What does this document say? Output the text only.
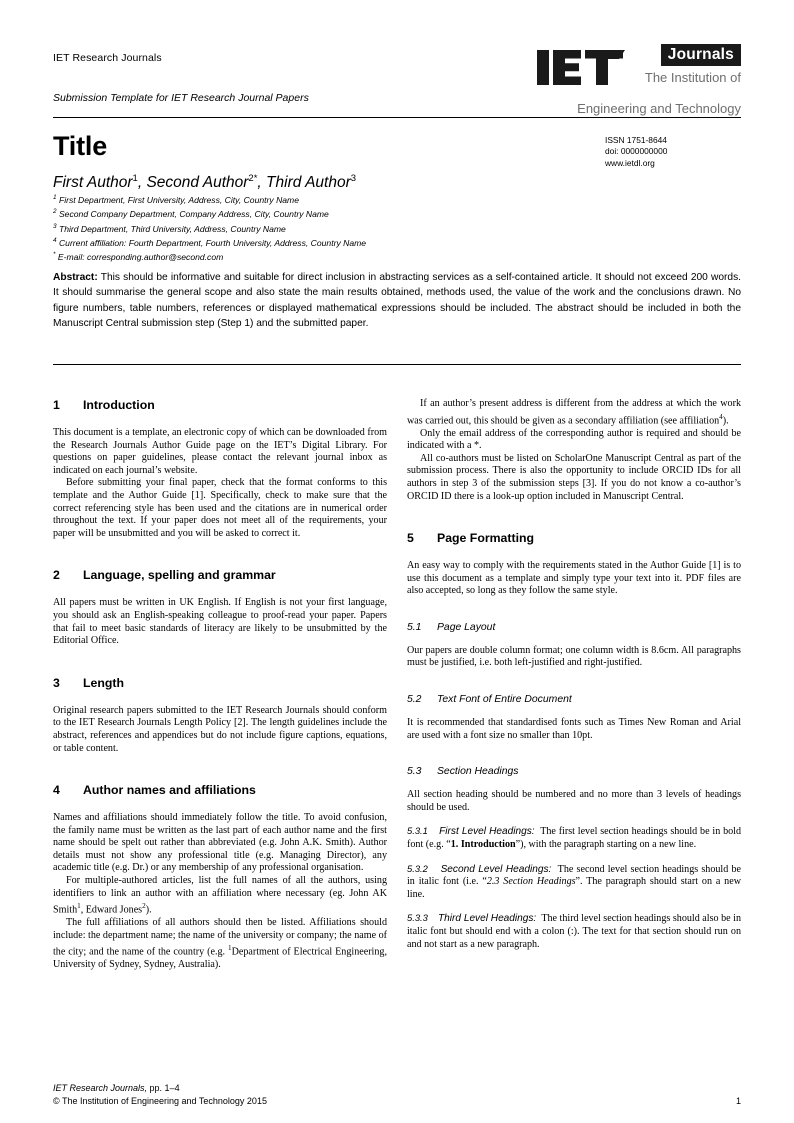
IET Research Journals
Submission Template for IET Research Journal Papers
Journals
The Institution of
Engineering and Technology
Title
First Author$^1$, Second Author$^{2*}$, Third Author$^3$
$^1$ First Department, First University, Address, City, Country Name
$^2$ Second Company Department, Company Address, City, Country Name
$^3$ Third Department, Third University, Address, Country Name
$^4$ Current affiliation: Fourth Department, Fourth University, Address, Country Name
* E-mail: corresponding.author@second.com
ISSN 1751-8644
doi: 0000000000
www.ietdl.org
Abstract: This should be informative and suitable for direct inclusion in abstracting services as a self-contained article. It should not exceed 200 words. It should summarise the general scope and also state the main results obtained, methods used, the value of the work and the conclusions drawn. No figure numbers, table numbers, references or displayed mathematical expressions should be included. The abstract should be included in both the Manuscript Central submission step (Step 1) and the submitted paper.
1 Introduction

This document is a template, an electronic copy of which can be downloaded from the Research Journals Author Guide page on the IET’s Digital Library. For questions on paper guidelines, please contact the relevant journal inbox as indicated on each journal’s website.

Before submitting your final paper, check that the format conforms to this template and the Author Guide [1]. Specifically, check to make sure that the correct referencing style has been used and the citations are in numerical order throughout the text. If your paper does not meet all of the requirements, your paper will be unsubmitted and you will be asked to correct it.

2 Language, spelling and grammar

All papers must be written in UK English. If English is not your first language, you should ask an English-speaking colleague to proof-read your paper. Papers that fail to meet basic standards of literacy are likely to be unsubmitted by the Editorial Office.

3 Length

Original research papers submitted to the IET Research Journals should conform to the IET Research Journals Length Policy [2]. The length guidelines include the abstract, references and appendices but do not include figure captions, equations, or table content.

4 Author names and affiliations

Names and affiliations should immediately follow the title. To avoid confusion, the family name must be written as the last part of each author name and the first name should be spelt out rather than abbreviated (e.g. John A.K. Smith). Author details must not show any professional title (e.g. Managing Director), any academic title (e.g. Dr.) or any membership of any professional organisation.

For multiple-authored articles, list the full names of all the authors, using identifiers to link an author with an affiliation where necessary (eg. John AK Smith$^1$, Edward Jones$^2$).

The full affiliations of all authors should then be listed. Affiliations should include: the department name; the name of the university or company; the name of the city; and the name of the country (e.g. $^1$Department of Electrical Engineering, University of Sydney, Sydney, Australia).

If an author’s present address is different from the address at which the work was carried out, this should be given as a secondary affiliation (see affiliation$^4$).

Only the email address of the corresponding author is required and should be indicated with a *.

All co-authors must be listed on ScholarOne Manuscript Central as part of the submission process. There is also the opportunity to include ORCID IDs for all authors in step 3 of the submission steps [3]. If you do not know a co-author’s ORCID ID there is a look-up option included in Manuscript Central.

5 Page Formatting

An easy way to comply with the requirements stated in the Author Guide [1] is to use this document as a template and simply type your text into it. PDF files are also accepted, so long as they follow the same style.

5.1 Page Layout

Our papers are double column format; one column width is 8.6cm. All paragraphs must be justified, i.e. both left-justified and right-justified.

5.2 Text Font of Entire Document

It is recommended that standardised fonts such as Times New Roman and Arial are used with a font size no smaller than 10pt.

5.3 Section Headings

All section heading should be numbered and no more than 3 levels of headings should be used.

5.3.1 First Level Headings: The first level section headings should be in bold font (e.g. “1. Introduction”), with the paragraph starting on a new line.

5.3.2 Second Level Headings: The second level section headings should be in italic font (i.e. “2.3 Section Headings”. The paragraph should start on a new line.

5.3.3 Third Level Headings: The third level section headings should also be in italic font but should end with a colon (:). The text for that section should run on and not start as a new paragraph.

IET Research Journals, pp. 1–4
© The Institution of Engineering and Technology 2015	1
